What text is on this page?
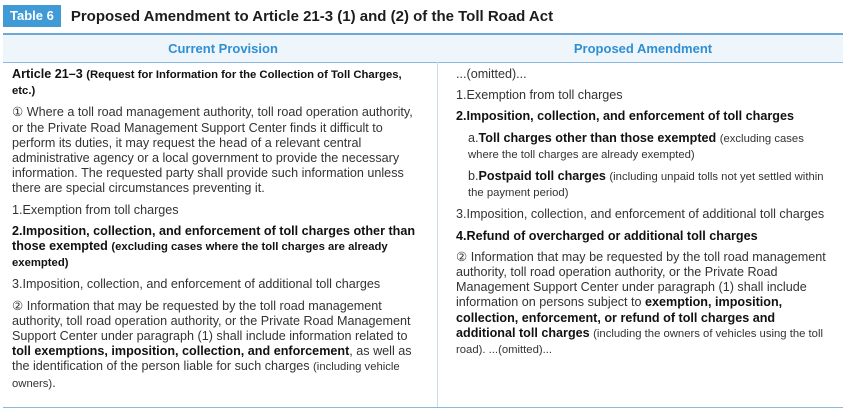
Table 6	Proposed Amendment to Article 21-3 (1) and (2) of the Toll Road Act
Current Provision	Proposed Amendment

Article 21–3 (Request for Information for the Collection of Toll Charges, etc.)

① Where a toll road management authority, toll road operation authority, or the Private Road Management Support Center finds it difficult to perform its duties, it may request the head of a relevant central administrative agency or a local government to provide the necessary information. The requested party shall provide such information unless there are special circumstances preventing it.

1.Exemption from toll charges

2.Imposition, collection, and enforcement of toll charges other than those exempted (excluding cases where the toll charges are already exempted)

3.Imposition, collection, and enforcement of additional toll charges

② Information that may be requested by the toll road management authority, toll road operation authority, or the Private Road Management Support Center under paragraph (1) shall include information related to toll exemptions, imposition, collection, and enforcement, as well as the identification of the person liable for such charges (including vehicle owners).

...(omitted)...

1.Exemption from toll charges

2.Imposition, collection, and enforcement of toll charges

a.Toll charges other than those exempted (excluding cases where the toll charges are already exempted)

b.Postpaid toll charges (including unpaid tolls not yet settled within the payment period)

3.Imposition, collection, and enforcement of additional toll charges

4.Refund of overcharged or additional toll charges

② Information that may be requested by the toll road management authority, toll road operation authority, or the Private Road Management Support Center under paragraph (1) shall include information on persons subject to exemption, imposition, collection, enforcement, or refund of toll charges and additional toll charges (including the owners of vehicles using the toll road). ...(omitted)...
